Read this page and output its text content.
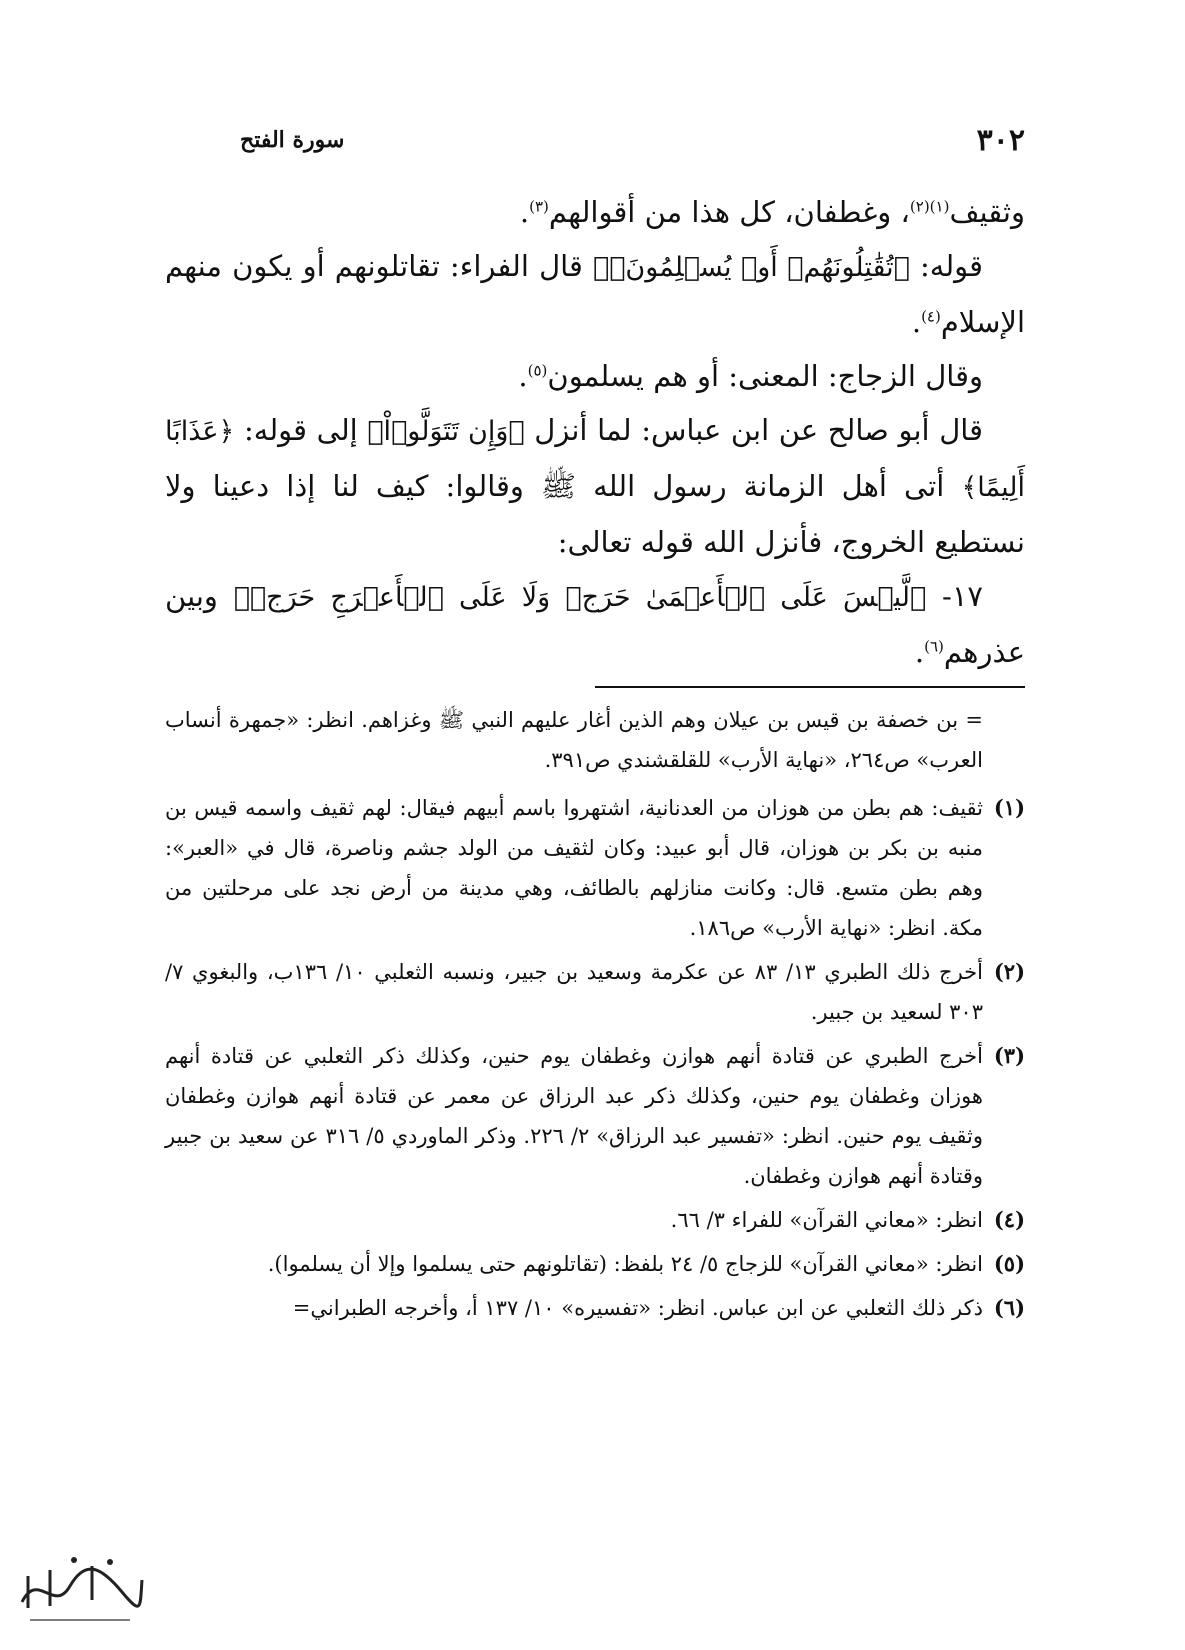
٣٠٢
سورة الفتح

وثقيف$^{(١)(٢)}$، وغطفان، كل هذا من أقوالهم$^{(٣)}$.

قوله: ﴿تُقَٰتِلُونَهُمۡ أَوۡ يُسۡلِمُونَۖ﴾ قال الفراء: تقاتلونهم أو يكون منهم الإسلام$^{(٤)}$.

وقال الزجاج: المعنى: أو هم يسلمون$^{(٥)}$.

قال أبو صالح عن ابن عباس: لما أنزل ﴿وَإِن تَتَوَلَّوۡاْ﴾ إلى قوله: ﴿عَذَابًا أَلِيمًا﴾ أتى أهل الزمانة رسول الله ﷺ وقالوا: كيف لنا إذا دعينا ولا نستطيع الخروج، فأنزل الله قوله تعالى:

١٧- ﴿لَّيۡسَ عَلَى ٱلۡأَعۡمَىٰ حَرَجٞ وَلَا عَلَى ٱلۡأَعۡرَجِ حَرَجٞ﴾ وبين عذرهم$^{(٦)}$.

= بن خصفة بن قيس بن عيلان وهم الذين أغار عليهم النبي ﷺ وغزاهم. انظر: «جمهرة أنساب العرب» ص٢٦٤، «نهاية الأرب» للقلقشندي ص٣٩١.
(١)
ثقيف: هم بطن من هوزان من العدنانية، اشتهروا باسم أبيهم فيقال: لهم ثقيف واسمه قيس بن منبه بن بكر بن هوزان، قال أبو عبيد: وكان لثقيف من الولد جشم وناصرة، قال في «العبر»: وهم بطن متسع. قال: وكانت منازلهم بالطائف، وهي مدينة من أرض نجد على مرحلتين من مكة. انظر: «نهاية الأرب» ص١٨٦.
(٢)
أخرج ذلك الطبري ١٣/ ٨٣ عن عكرمة وسعيد بن جبير، ونسبه الثعلبي ١٠/ ١٣٦ب، والبغوي ٧/ ٣٠٣ لسعيد بن جبير.
(٣)
أخرج الطبري عن قتادة أنهم هوازن وغطفان يوم حنين، وكذلك ذكر الثعلبي عن قتادة أنهم هوزان وغطفان يوم حنين، وكذلك ذكر عبد الرزاق عن معمر عن قتادة أنهم هوازن وغطفان وثقيف يوم حنين. انظر: «تفسير عبد الرزاق» ٢/ ٢٢٦. وذكر الماوردي ٥/ ٣١٦ عن سعيد بن جبير وقتادة أنهم هوازن وغطفان.
(٤)
انظر: «معاني القرآن» للفراء ٣/ ٦٦.
(٥)
انظر: «معاني القرآن» للزجاج ٥/ ٢٤ بلفظ: (تقاتلونهم حتى يسلموا وإلا أن يسلموا).
(٦)
ذكر ذلك الثعلبي عن ابن عباس. انظر: «تفسيره» ١٠/ ١٣٧ أ، وأخرجه الطبراني=
